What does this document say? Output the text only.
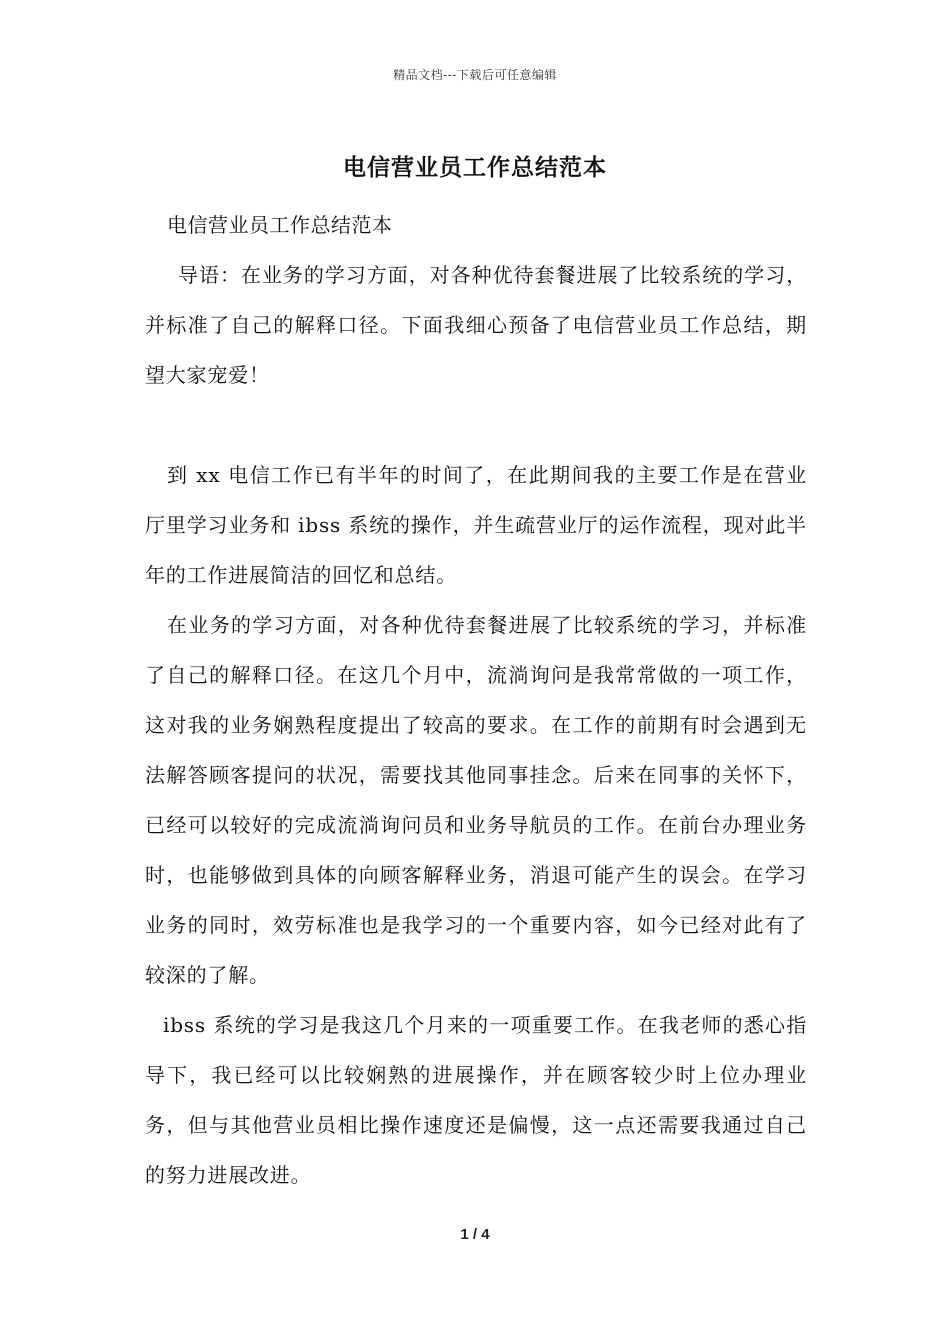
精品文档---下载后可任意编辑
电信营业员工作总结范本

电信营业员工作总结范本

导语：在业务的学习方面，对各种优待套餐进展了比较系统的学习，并标准了自己的解释口径。下面我细心预备了电信营业员工作总结，期望大家宠爱！

到 xx 电信工作已有半年的时间了，在此期间我的主要工作是在营业厅里学习业务和 ibss 系统的操作，并生疏营业厅的运作流程，现对此半年的工作进展简洁的回忆和总结。

在业务的学习方面，对各种优待套餐进展了比较系统的学习，并标准了自己的解释口径。在这几个月中，流淌询问是我常常做的一项工作，这对我的业务娴熟程度提出了较高的要求。在工作的前期有时会遇到无法解答顾客提问的状况，需要找其他同事挂念。后来在同事的关怀下，已经可以较好的完成流淌询问员和业务导航员的工作。在前台办理业务时，也能够做到具体的向顾客解释业务，消退可能产生的误会。在学习业务的同时，效劳标准也是我学习的一个重要内容，如今已经对此有了较深的了解。

ibss 系统的学习是我这几个月来的一项重要工作。在我老师的悉心指导下，我已经可以比较娴熟的进展操作，并在顾客较少时上位办理业务，但与其他营业员相比操作速度还是偏慢，这一点还需要我通过自己的努力进展改进。

1 / 4
